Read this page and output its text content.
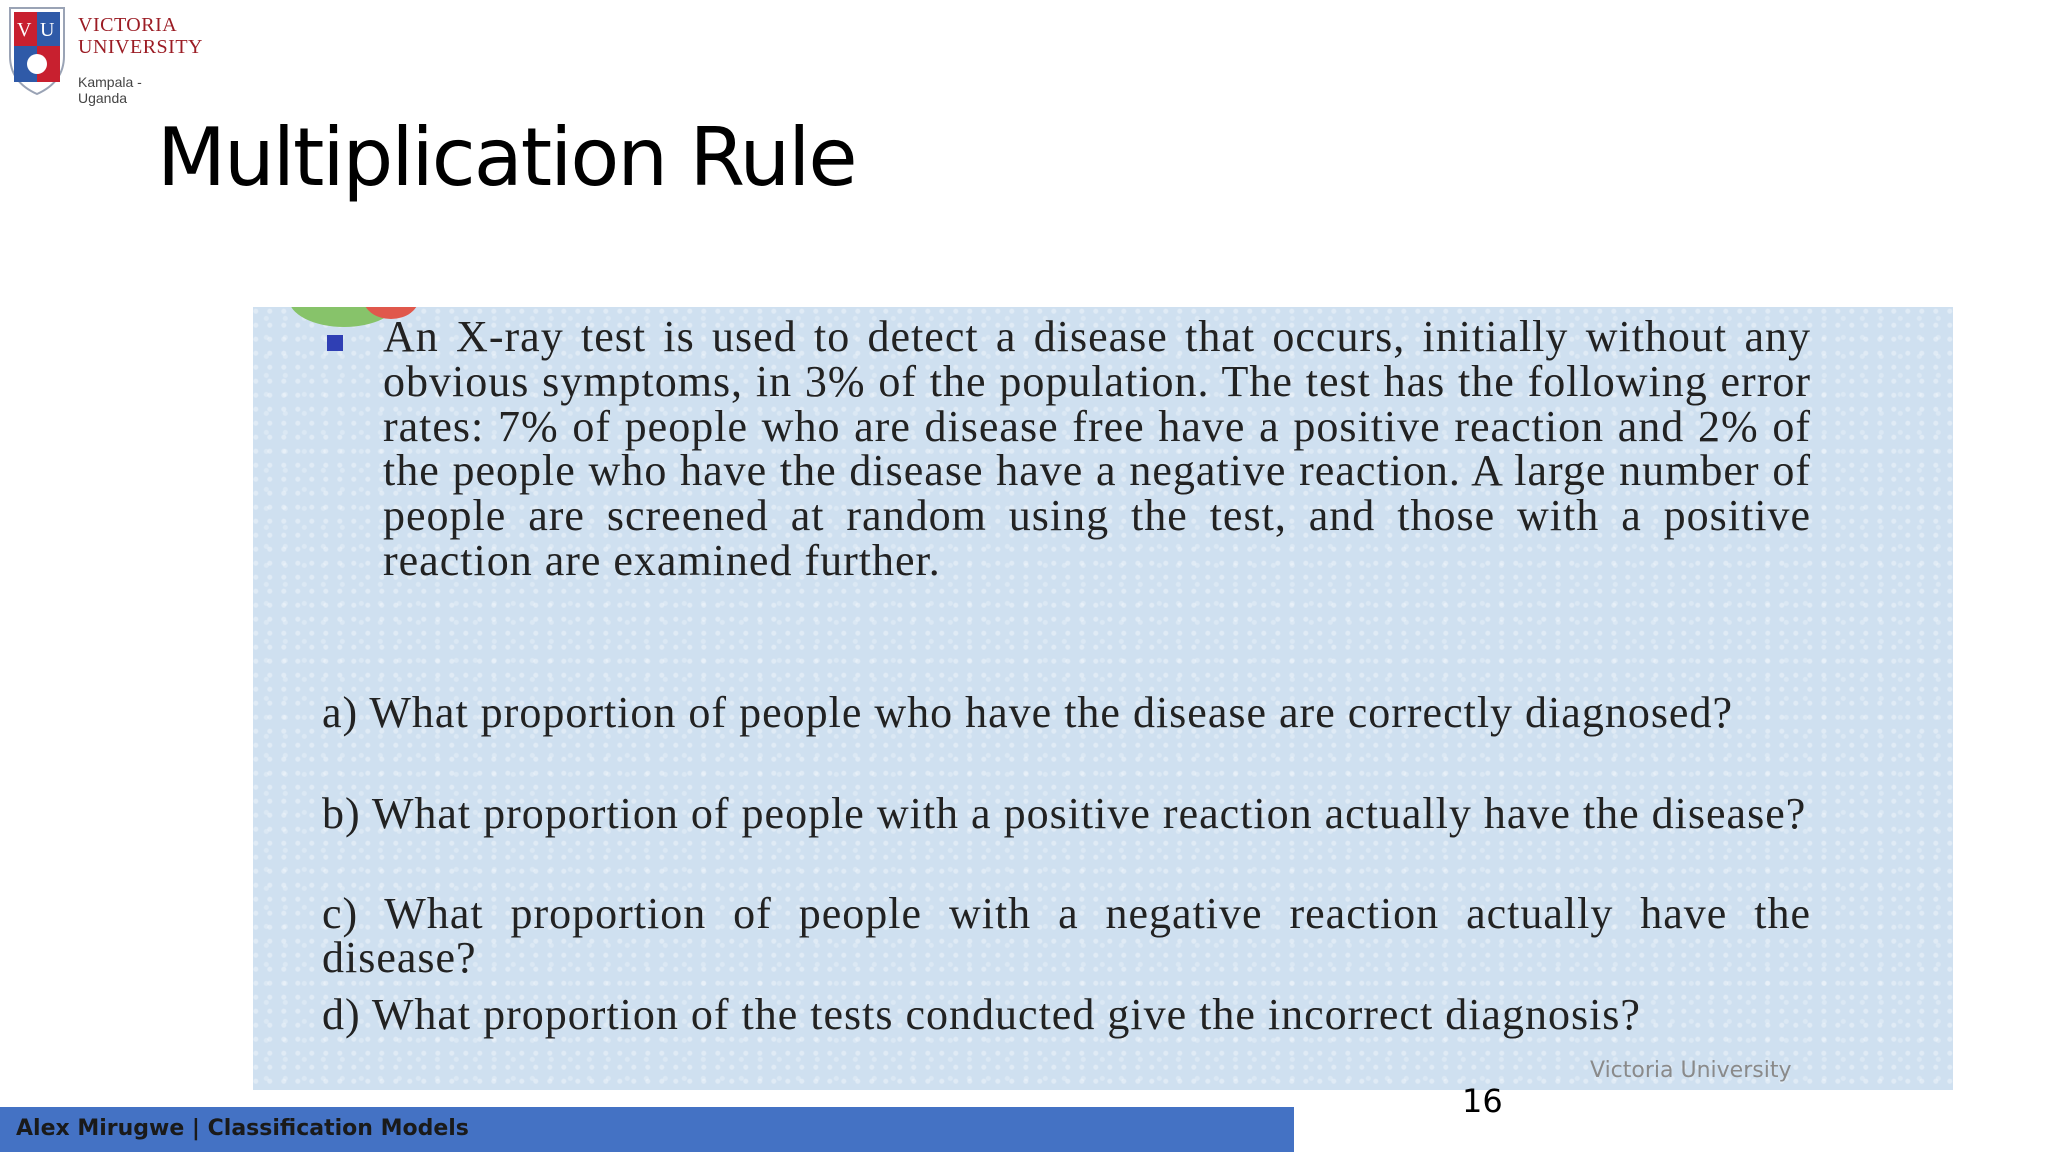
V U VICTORIA
UNIVERSITY
Kampala - Uganda
Multiplication Rule

An X-ray test is used to detect a disease that occurs, initially without any obvious symptoms, in 3% of the population. The test has the following error rates: 7% of people who are disease free have a positive reaction and 2% of the people who have the disease have a negative reaction. A large number of people are screened at random using the test, and those with a positive reaction are examined further.

a) What proportion of people who have the disease are correctly diagnosed?

b) What proportion of people with a positive reaction actually have the disease?

c) What proportion of people with a negative reaction actually have the disease?

d) What proportion of the tests conducted give the incorrect diagnosis?

Victoria University
16
Alex Mirugwe | Classification Models
